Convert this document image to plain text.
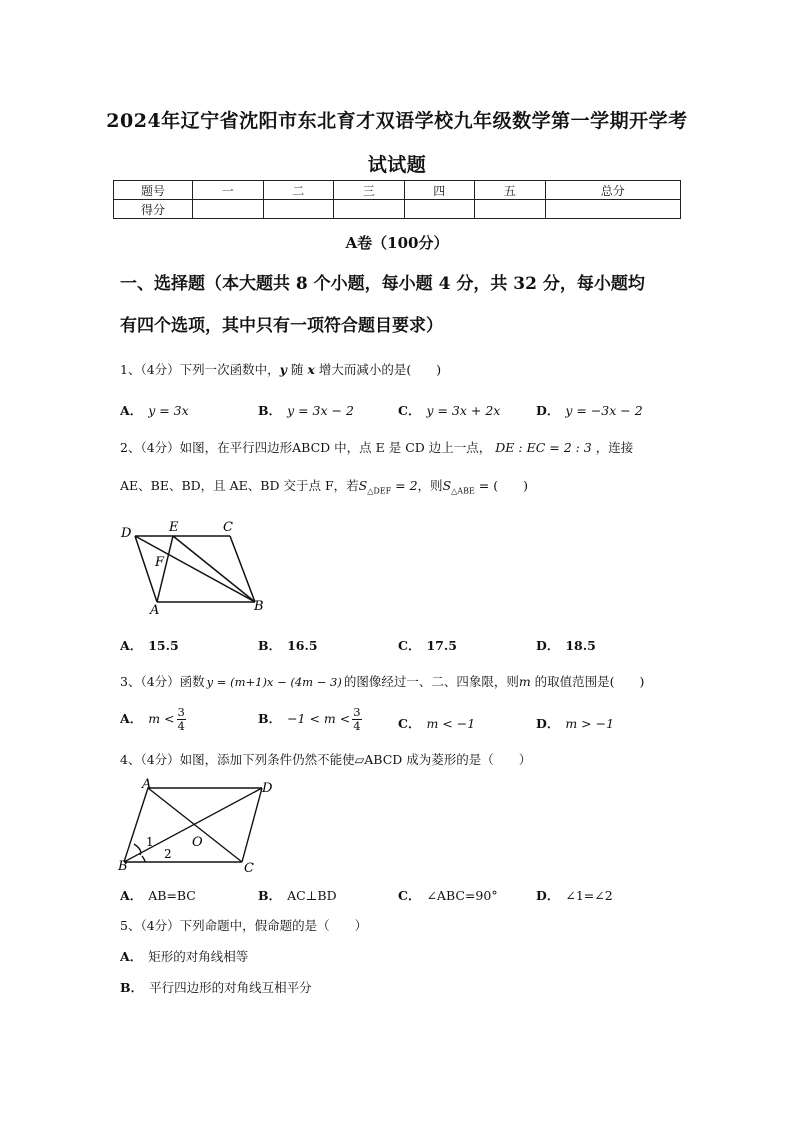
2024年辽宁省沈阳市东北育才双语学校九年级数学第一学期开学考
试试题
题号	一	二	三	四	五	总分
得分						
A卷（100分）
一、选择题（本大题共 8 个小题，每小题 4 分，共 32 分，每小题均
有四个选项，其中只有一项符合题目要求）
1、（4分）下列一次函数中，y 随 x 增大而减小的是(　　)
A． y = 3x	B． y = 3x − 2	C． y = 3x + 2x	D． y = −3x − 2
2、（4分）如图，在平行四边形ABCD 中，点 E 是 CD 边上一点， DE : EC = 2 : 3 ，连接
AE、BE、BD，且 AE、BD 交于点 F，若$S_{\triangle DEF} = 2$，则$S_{\triangle ABE}$ = (　　)
D	E	C
F
A	B
A． 15.5	B． 16.5	C． 17.5	D． 18.5
3、（4分）函数 y = (m+1)x − (4m − 3) 的图像经过一、二、四象限，则m 的取值范围是(　　)
A． $m < \frac{3}{4}$	B． $-1 < m < \frac{3}{4}$	C． m < −1	D． m > −1
4、（4分）如图，添加下列条件仍然不能使▱ABCD 成为菱形的是（　　）
A	D
B	C
O
1
2
A． AB=BC	B． AC⊥BD	C． ∠ABC=90°	D． ∠1=∠2
5、（4分）下列命题中，假命题的是（　　）
A． 矩形的对角线相等
B． 平行四边形的对角线互相平分
